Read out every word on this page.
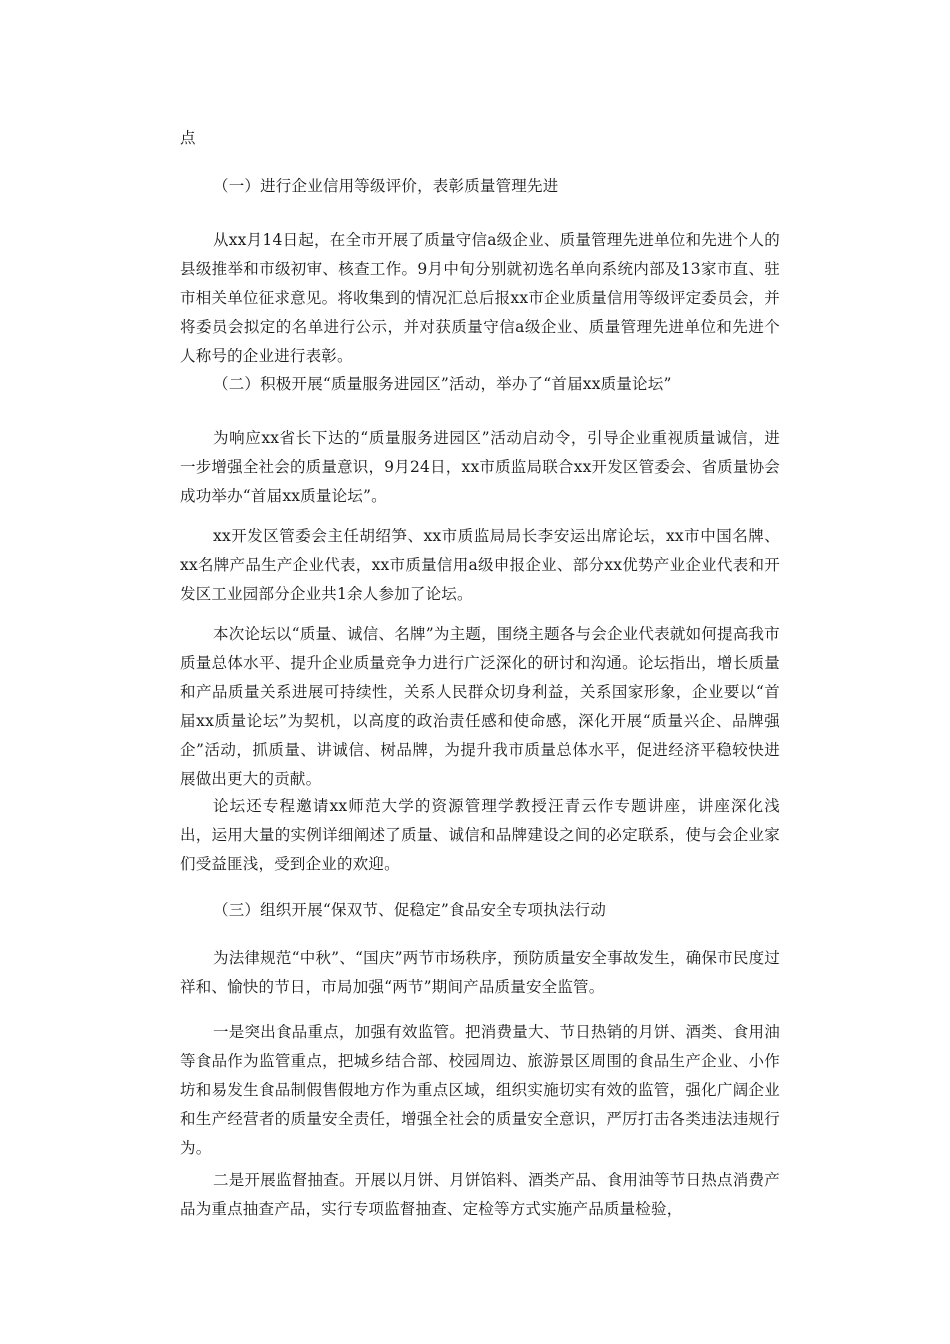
点

（一）进行企业信用等级评价，表彰质量管理先进

从xx月14日起，在全市开展了质量守信a级企业、质量管理先进单位和先进个人的县级推举和市级初审、核查工作。9月中旬分别就初选名单向系统内部及13家市直、驻市相关单位征求意见。将收集到的情况汇总后报xx市企业质量信用等级评定委员会，并将委员会拟定的名单进行公示，并对获质量守信a级企业、质量管理先进单位和先进个人称号的企业进行表彰。

（二）积极开展“质量服务进园区”活动，举办了“首届xx质量论坛”

为响应xx省长下达的“质量服务进园区”活动启动令，引导企业重视质量诚信，进一步增强全社会的质量意识，9月24日，xx市质监局联合xx开发区管委会、省质量协会成功举办“首届xx质量论坛”。

xx开发区管委会主任胡绍笋、xx市质监局局长李安运出席论坛，xx市中国名牌、xx名牌产品生产企业代表，xx市质量信用a级申报企业、部分xx优势产业企业代表和开发区工业园部分企业共1余人参加了论坛。

本次论坛以“质量、诚信、名牌”为主题，围绕主题各与会企业代表就如何提高我市质量总体水平、提升企业质量竞争力进行广泛深化的研讨和沟通。论坛指出，增长质量和产品质量关系进展可持续性，关系人民群众切身利益，关系国家形象，企业要以“首届xx质量论坛”为契机，以高度的政治责任感和使命感，深化开展“质量兴企、品牌强企”活动，抓质量、讲诚信、树品牌，为提升我市质量总体水平，促进经济平稳较快进展做出更大的贡献。

论坛还专程邀请xx师范大学的资源管理学教授汪青云作专题讲座，讲座深化浅出，运用大量的实例详细阐述了质量、诚信和品牌建设之间的必定联系，使与会企业家们受益匪浅，受到企业的欢迎。

（三）组织开展“保双节、促稳定”食品安全专项执法行动

为法律规范“中秋”、“国庆”两节市场秩序，预防质量安全事故发生，确保市民度过祥和、愉快的节日，市局加强“两节”期间产品质量安全监管。

一是突出食品重点，加强有效监管。把消费量大、节日热销的月饼、酒类、食用油等食品作为监管重点，把城乡结合部、校园周边、旅游景区周围的食品生产企业、小作坊和易发生食品制假售假地方作为重点区域，组织实施切实有效的监管，强化广阔企业和生产经营者的质量安全责任，增强全社会的质量安全意识，严厉打击各类违法违规行为。

二是开展监督抽查。开展以月饼、月饼馅料、酒类产品、食用油等节日热点消费产品为重点抽查产品，实行专项监督抽查、定检等方式实施产品质量检验，
